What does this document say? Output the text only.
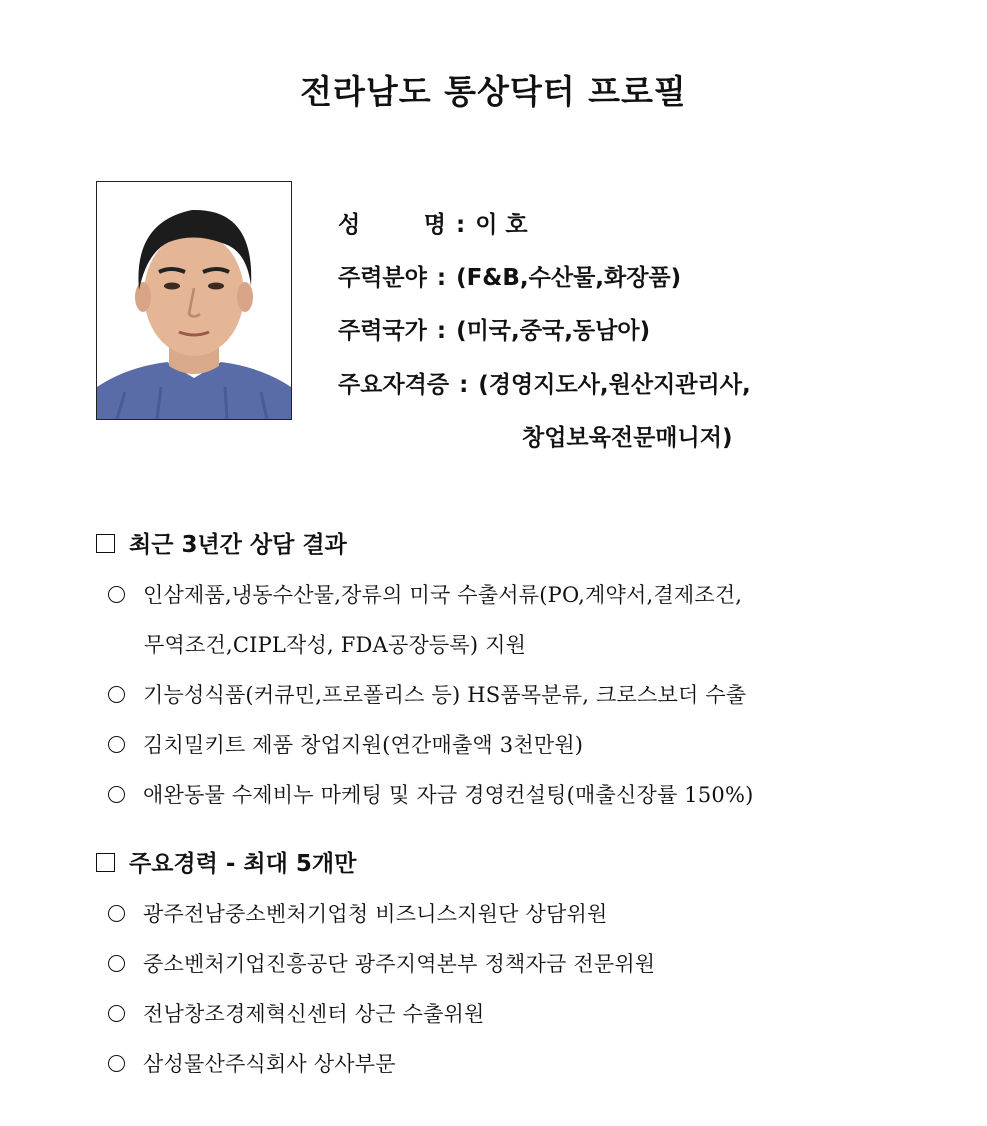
전라남도 통상닥터 프로필
성	명 : 이 호
주력분야 : (F&B,수산물,화장품)
주력국가 : (미국,중국,동남아)
주요자격증 : (경영지도사,원산지관리사,
창업보육전문매니저)
최근 3년간 상담 결과
인삼제품,냉동수산물,장류의 미국 수출서류(PO,계약서,결제조건,
무역조건,CIPL작성, FDA공장등록) 지원
기능성식품(커큐민,프로폴리스 등) HS품목분류, 크로스보더 수출
김치밀키트 제품 창업지원(연간매출액 3천만원)
애완동물 수제비누 마케팅 및 자금 경영컨설팅(매출신장률 150%)
주요경력 - 최대 5개만
광주전남중소벤처기업청 비즈니스지원단 상담위원
중소벤처기업진흥공단 광주지역본부 정책자금 전문위원
전남창조경제혁신센터 상근 수출위원
삼성물산주식회사 상사부문
